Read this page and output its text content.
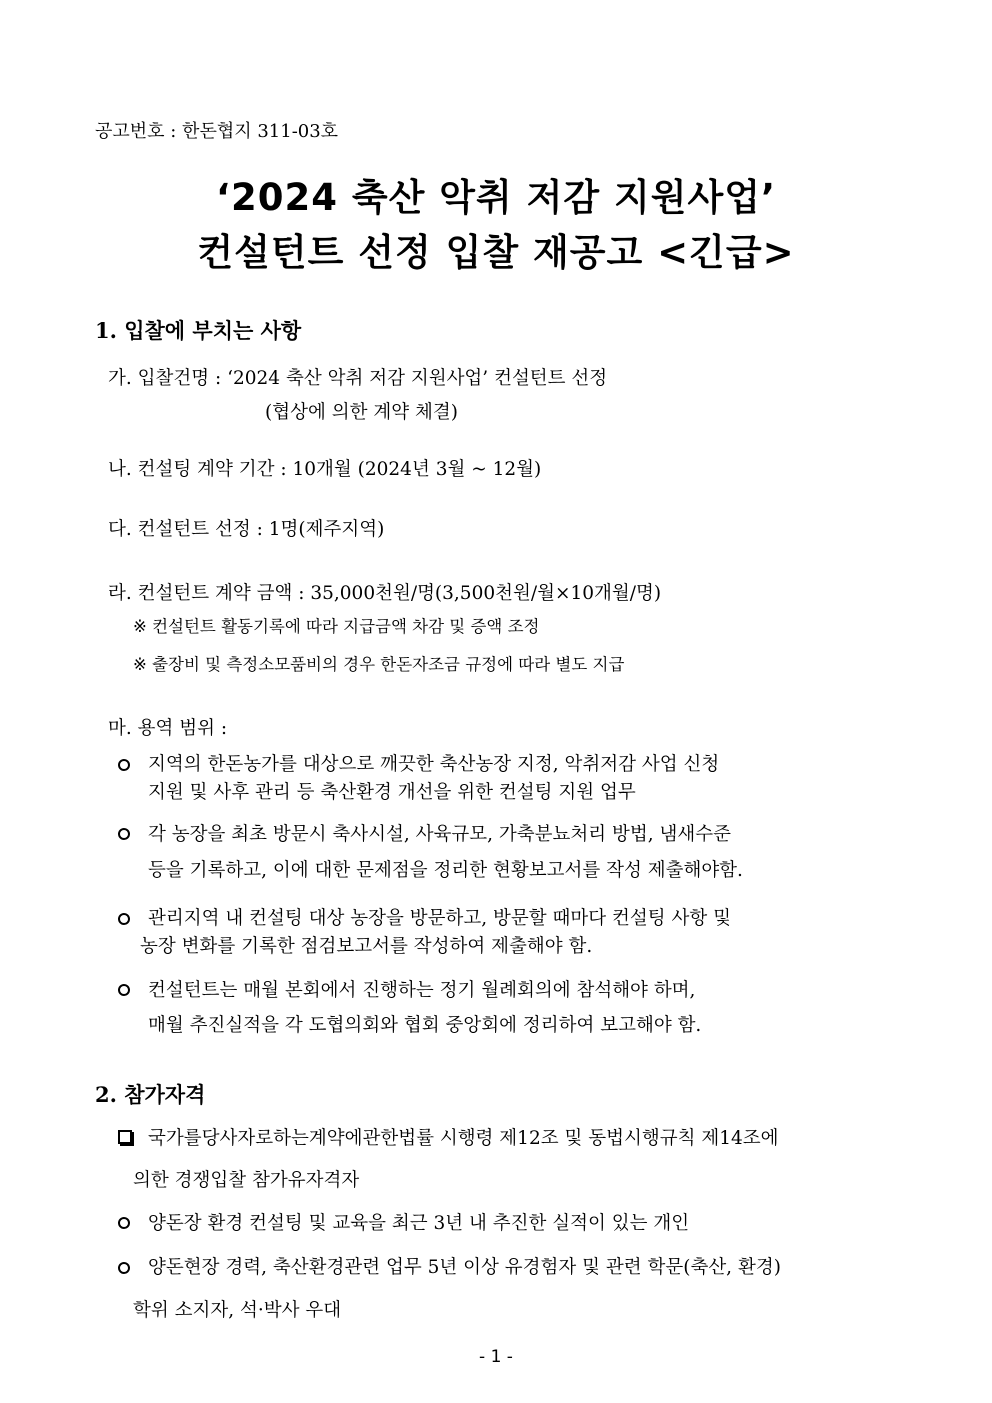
공고번호 : 한돈협지 311-03호
‘2024 축산 악취 저감 지원사업’
컨설턴트 선정 입찰 재공고 <긴급>
1. 입찰에 부치는 사항
가. 입찰건명 : ‘2024 축산 악취 저감 지원사업’ 컨설턴트 선정
(협상에 의한 계약 체결)
나. 컨설팅 계약 기간 : 10개월 (2024년 3월 ~ 12월)
다. 컨설턴트 선정 : 1명(제주지역)
라. 컨설턴트 계약 금액 : 35,000천원/명(3,500천원/월×10개월/명)
※ 컨설턴트 활동기록에 따라 지급금액 차감 및 증액 조정
※ 출장비 및 측정소모품비의 경우 한돈자조금 규정에 따라 별도 지급
마. 용역 범위 :
지역의 한돈농가를 대상으로 깨끗한 축산농장 지정, 악취저감 사업 신청
지원 및 사후 관리 등 축산환경 개선을 위한 컨설팅 지원 업무
각 농장을 최초 방문시 축사시설, 사육규모, 가축분뇨처리 방법, 냄새수준
등을 기록하고, 이에 대한 문제점을 정리한 현황보고서를 작성 제출해야함.
관리지역 내 컨설팅 대상 농장을 방문하고, 방문할 때마다 컨설팅 사항 및
농장 변화를 기록한 점검보고서를 작성하여 제출해야 함.
컨설턴트는 매월 본회에서 진행하는 정기 월례회의에 참석해야 하며,
매월 추진실적을 각 도협의회와 협회 중앙회에 정리하여 보고해야 함.
2. 참가자격
국가를당사자로하는계약에관한법률 시행령 제12조 및 동법시행규칙 제14조에
의한 경쟁입찰 참가유자격자
양돈장 환경 컨설팅 및 교육을 최근 3년 내 추진한 실적이 있는 개인
양돈현장 경력, 축산환경관련 업무 5년 이상 유경험자 및 관련 학문(축산, 환경)
학위 소지자, 석·박사 우대
- 1 -
